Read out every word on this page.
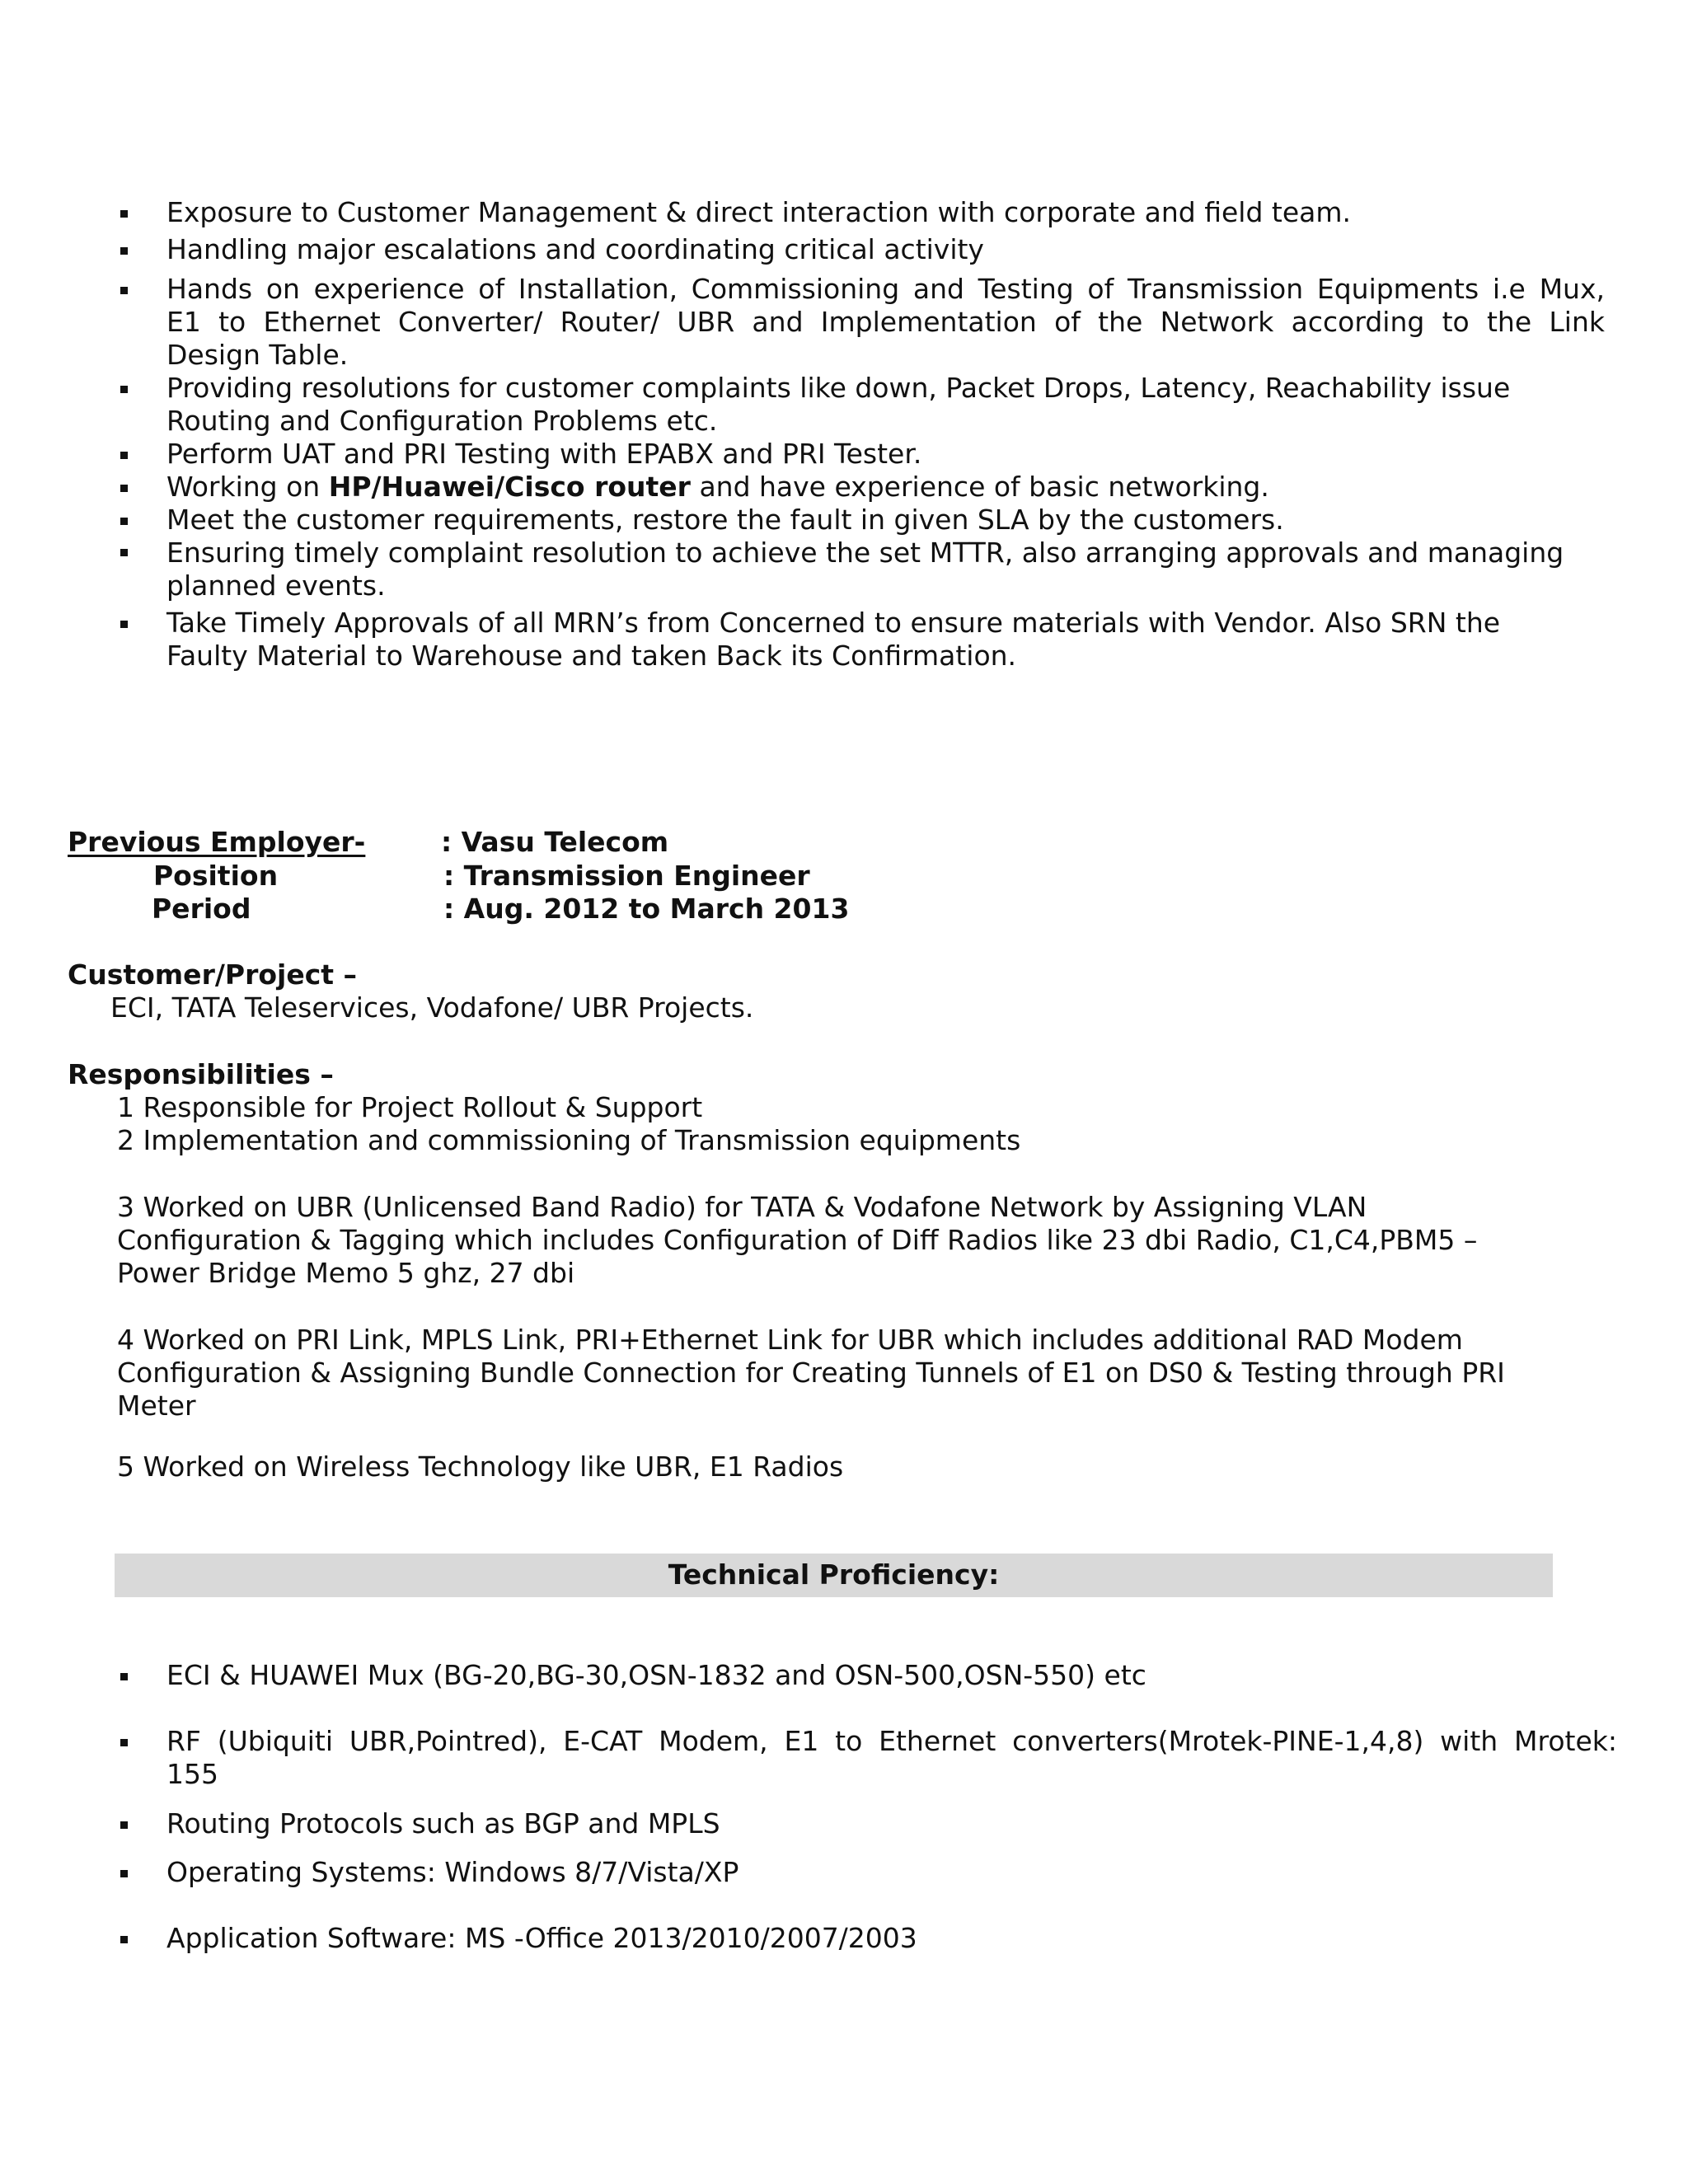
Exposure to Customer Management & direct interaction with corporate and field team.
Handling major escalations and coordinating critical activity
Hands on experience of Installation, Commissioning and Testing of Transmission Equipments i.e Mux,
E1 to Ethernet Converter/ Router/ UBR and Implementation of the Network according to the Link
Design Table.
Providing resolutions for customer complaints like down, Packet Drops, Latency, Reachability issue
Routing and Configuration Problems etc.
Perform UAT and PRI Testing with EPABX and PRI Tester.
Working on HP/Huawei/Cisco router and have experience of basic networking.
Meet the customer requirements, restore the fault in given SLA by the customers.
Ensuring timely complaint resolution to achieve the set MTTR, also arranging approvals and managing
planned events.
Take Timely Approvals of all MRN’s from Concerned to ensure materials with Vendor. Also SRN the
Faulty Material to Warehouse and taken Back its Confirmation.
Previous Employer-	: Vasu Telecom
Position	: Transmission Engineer
Period	: Aug. 2012 to March 2013
Customer/Project –
ECI, TATA Teleservices, Vodafone/ UBR Projects.
Responsibilities –
1 Responsible for Project Rollout & Support
2 Implementation and commissioning of Transmission equipments
3 Worked on UBR (Unlicensed Band Radio) for TATA & Vodafone Network by Assigning VLAN
Configuration & Tagging which includes Configuration of Diff Radios like 23 dbi Radio, C1,C4,PBM5 –
Power Bridge Memo 5 ghz, 27 dbi
4 Worked on PRI Link, MPLS Link, PRI+Ethernet Link for UBR which includes additional RAD Modem
Configuration & Assigning Bundle Connection for Creating Tunnels of E1 on DS0 & Testing through PRI
Meter
5 Worked on Wireless Technology like UBR, E1 Radios
Technical Proficiency:
ECI & HUAWEI Mux (BG-20,BG-30,OSN-1832 and OSN-500,OSN-550) etc
RF (Ubiquiti UBR,Pointred), E-CAT Modem, E1 to Ethernet converters(Mrotek-PINE-1,4,8) with Mrotek:
155
Routing Protocols such as BGP and MPLS
Operating Systems: Windows 8/7/Vista/XP
Application Software: MS -Office 2013/2010/2007/2003
